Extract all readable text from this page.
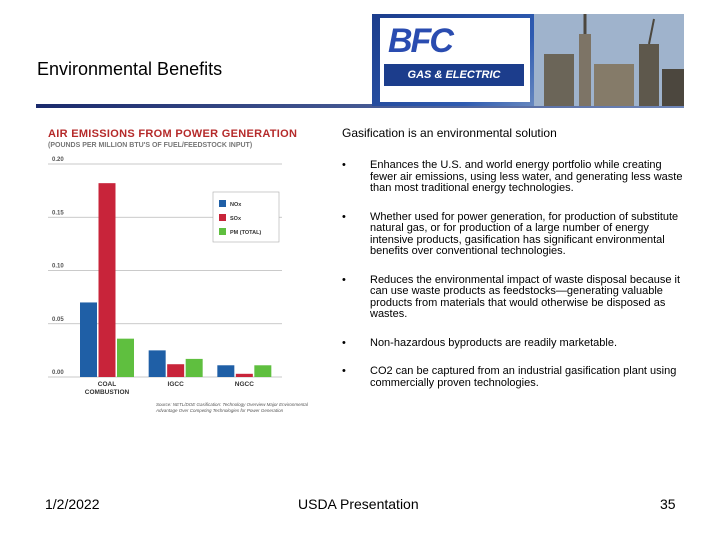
Environmental Benefits
BFC
GAS & ELECTRIC COMPANIES
AIR EMISSIONS FROM POWER GENERATION
(POUNDS PER MILLION BTU'S OF FUEL/FEEDSTOCK INPUT)
0.00
0.05
0.10
0.15
0.20
COAL
COMBUSTION
IGCC	NGCC
NOx
SOx
PM (TOTAL)
Source: NETL/DOE Gasification: Technology Overview Major Environmental Advantage Over Competing Technologies for Power Generation
Gasification is an environmental solution
• Enhances the U.S. and world energy portfolio while creating fewer air emissions, using less water, and generating less waste than most traditional energy technologies.
• Whether used for power generation, for production of substitute natural gas, or for production of a large number of energy intensive products, gasification has significant environmental benefits over conventional technologies.
• Reduces the environmental impact of waste disposal because it can use waste products as feedstocks—generating valuable products from materials that would otherwise be disposed as wastes.
• Non-hazardous byproducts are readily marketable.
• CO2 can be captured from an industrial gasification plant using commercially proven technologies.
1/2/2022	USDA Presentation	35
